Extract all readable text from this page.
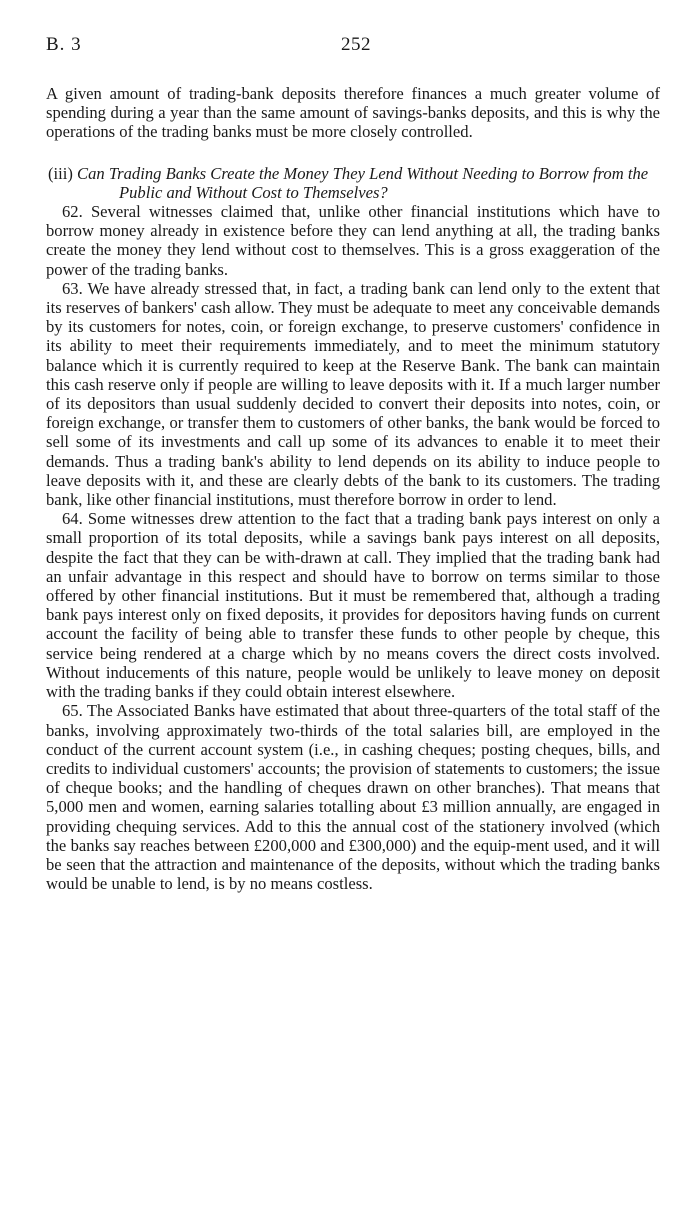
B. 3	252

A given amount of trading-bank deposits therefore finances a much greater volume of spending during a year than the same amount of savings-banks deposits, and this is why the operations of the trading banks must be more closely controlled.

(iii) Can Trading Banks Create the Money They Lend Without Needing to Borrow from the Public and Without Cost to Themselves?

62. Several witnesses claimed that, unlike other financial institutions which have to borrow money already in existence before they can lend anything at all, the trading banks create the money they lend without cost to themselves. This is a gross exaggeration of the power of the trading banks.

63. We have already stressed that, in fact, a trading bank can lend only to the extent that its reserves of bankers' cash allow. They must be adequate to meet any conceivable demands by its customers for notes, coin, or foreign exchange, to preserve customers' confidence in its ability to meet their requirements immediately, and to meet the minimum statutory balance which it is currently required to keep at the Reserve Bank. The bank can maintain this cash reserve only if people are willing to leave deposits with it. If a much larger number of its depositors than usual suddenly decided to convert their deposits into notes, coin, or foreign exchange, or transfer them to customers of other banks, the bank would be forced to sell some of its investments and call up some of its advances to enable it to meet their demands. Thus a trading bank's ability to lend depends on its ability to induce people to leave deposits with it, and these are clearly debts of the bank to its customers. The trading bank, like other financial institutions, must therefore borrow in order to lend.

64. Some witnesses drew attention to the fact that a trading bank pays interest on only a small proportion of its total deposits, while a savings bank pays interest on all deposits, despite the fact that they can be with-drawn at call. They implied that the trading bank had an unfair advantage in this respect and should have to borrow on terms similar to those offered by other financial institutions. But it must be remembered that, although a trading bank pays interest only on fixed deposits, it provides for depositors having funds on current account the facility of being able to transfer these funds to other people by cheque, this service being rendered at a charge which by no means covers the direct costs involved. Without inducements of this nature, people would be unlikely to leave money on deposit with the trading banks if they could obtain interest elsewhere.

65. The Associated Banks have estimated that about three-quarters of the total staff of the banks, involving approximately two-thirds of the total salaries bill, are employed in the conduct of the current account system (i.e., in cashing cheques; posting cheques, bills, and credits to individual customers' accounts; the provision of statements to customers; the issue of cheque books; and the handling of cheques drawn on other branches). That means that 5,000 men and women, earning salaries totalling about £3 million annually, are engaged in providing chequing services. Add to this the annual cost of the stationery involved (which the banks say reaches between £200,000 and £300,000) and the equip-ment used, and it will be seen that the attraction and maintenance of the deposits, without which the trading banks would be unable to lend, is by no means costless.
